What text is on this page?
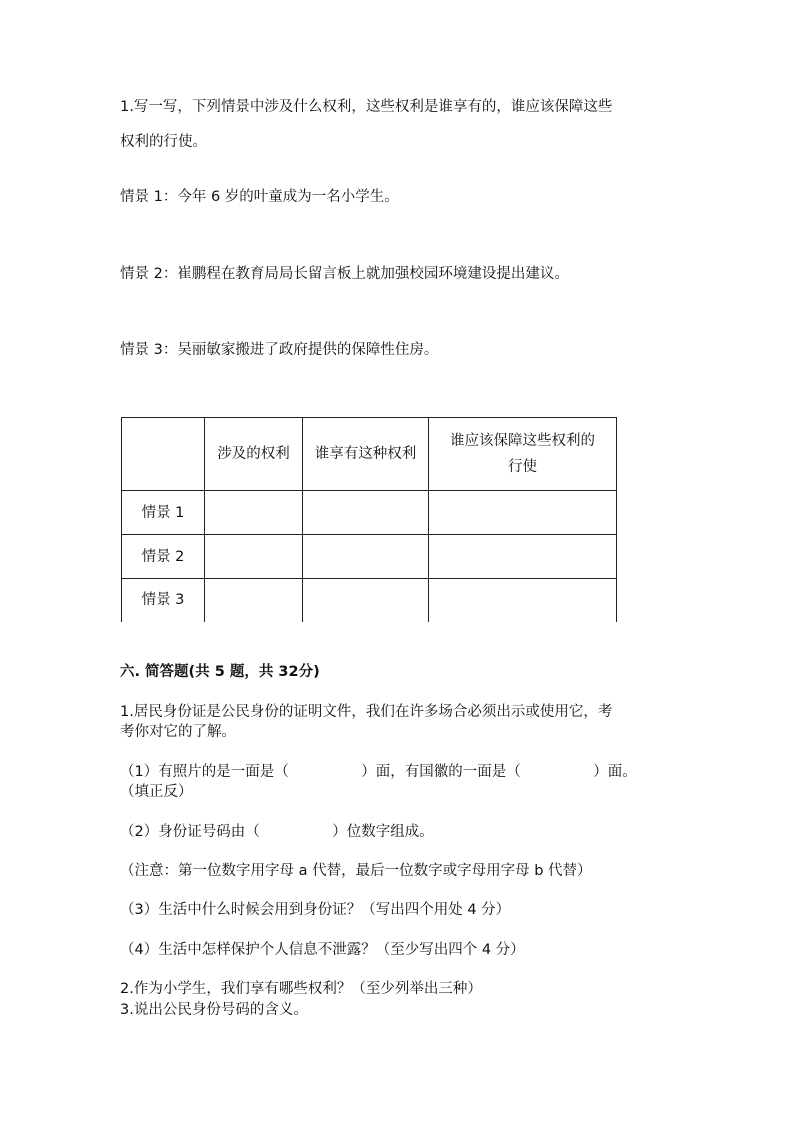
1.写一写，下列情景中涉及什么权利，这些权利是谁享有的，谁应该保障这些
权利的行使。
情景 1：今年 6 岁的叶童成为一名小学生。
情景 2：崔鹏程在教育局局长留言板上就加强校园环境建设提出建议。
情景 3：吴丽敏家搬进了政府提供的保障性住房。
	涉及的权利	谁享有这种权利	谁应该保障这些权利的
行使

情景 1			
情景 2			
情景 3			
六. 简答题(共 5 题，共 32分)
1.居民身份证是公民身份的证明文件，我们在许多场合必须出示或使用它，考
考你对它的了解。
（1）有照片的是一面是（　　　　　）面，有国徽的一面是（　　　　　）面。
（填正反）
（2）身份证号码由（　　　　　）位数字组成。
（注意：第一位数字用字母 a 代替，最后一位数字或字母用字母 b 代替）
（3）生活中什么时候会用到身份证？（写出四个用处 4 分）
（4）生活中怎样保护个人信息不泄露？（至少写出四个 4 分）
2.作为小学生，我们享有哪些权利？（至少列举出三种）
3.说出公民身份号码的含义。
